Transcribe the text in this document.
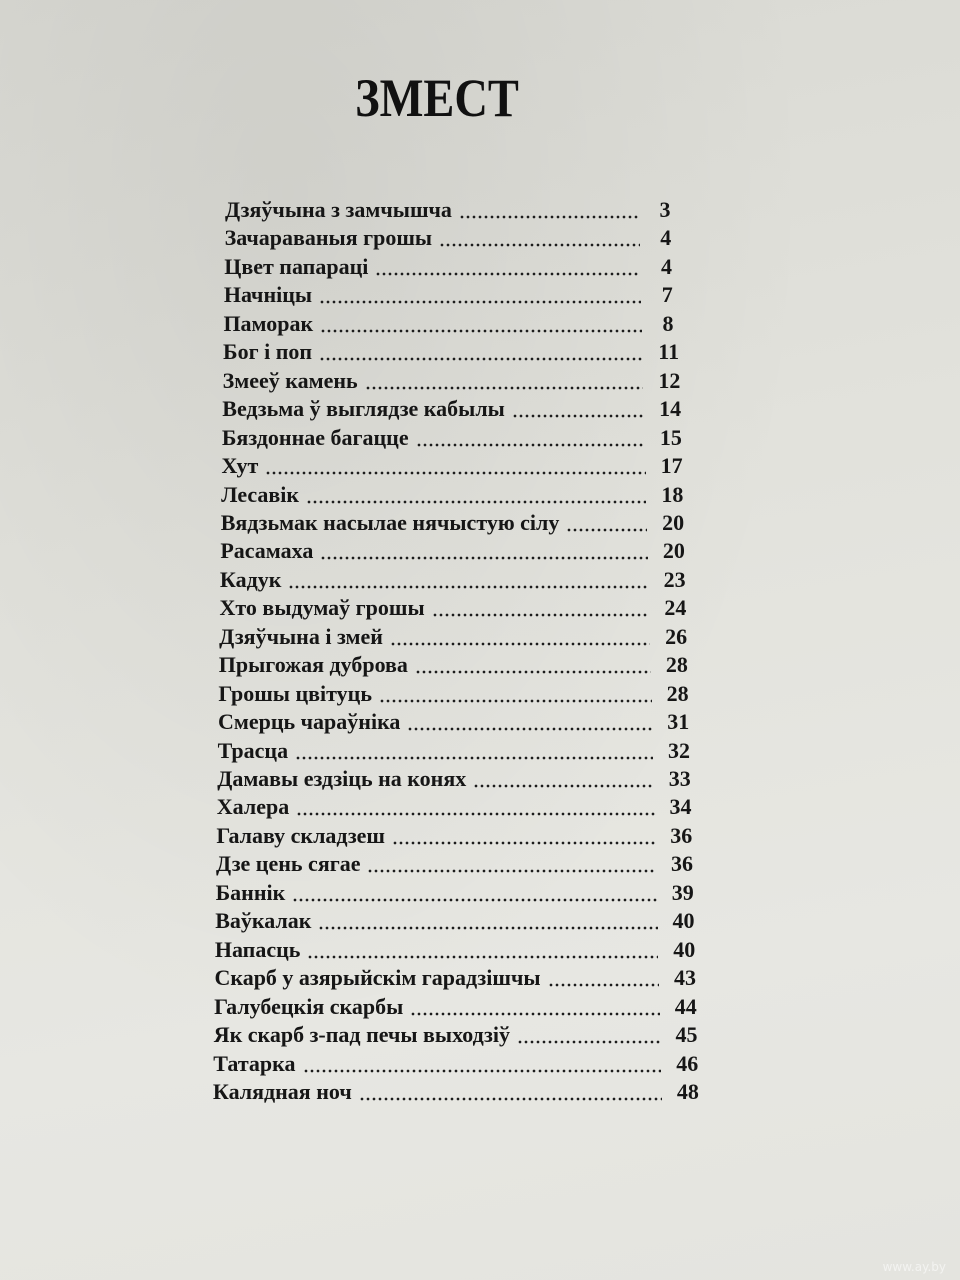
ЗМЕСТ
Дзяўчына з замчышча	3
Зачараваныя грошы	4
Цвет папараці	4
Начніцы	7
Паморак	8
Бог і поп	11
Змееў камень	12
Ведзьма ў выглядзе кабылы	14
Бяздоннае багацце	15
Хут	17
Лесавік	18
Вядзьмак насылае нячыстую сілу	20
Расамаха	20
Кадук	23
Хто выдумаў грошы	24
Дзяўчына і змей	26
Прыгожая дуброва	28
Грошы цвітуць	28
Смерць чараўніка	31
Трасца	32
Дамавы ездзіць на конях	33
Халера	34
Галаву складзеш	36
Дзе цень сягае	36
Баннік	39
Ваўкалак	40
Напасць	40
Скарб у азярыйскім гарадзішчы	43
Галубецкія скарбы	44
Як скарб з-пад печы выходзіў	45
Татарка	46
Калядная ноч	48
www.ay.by
